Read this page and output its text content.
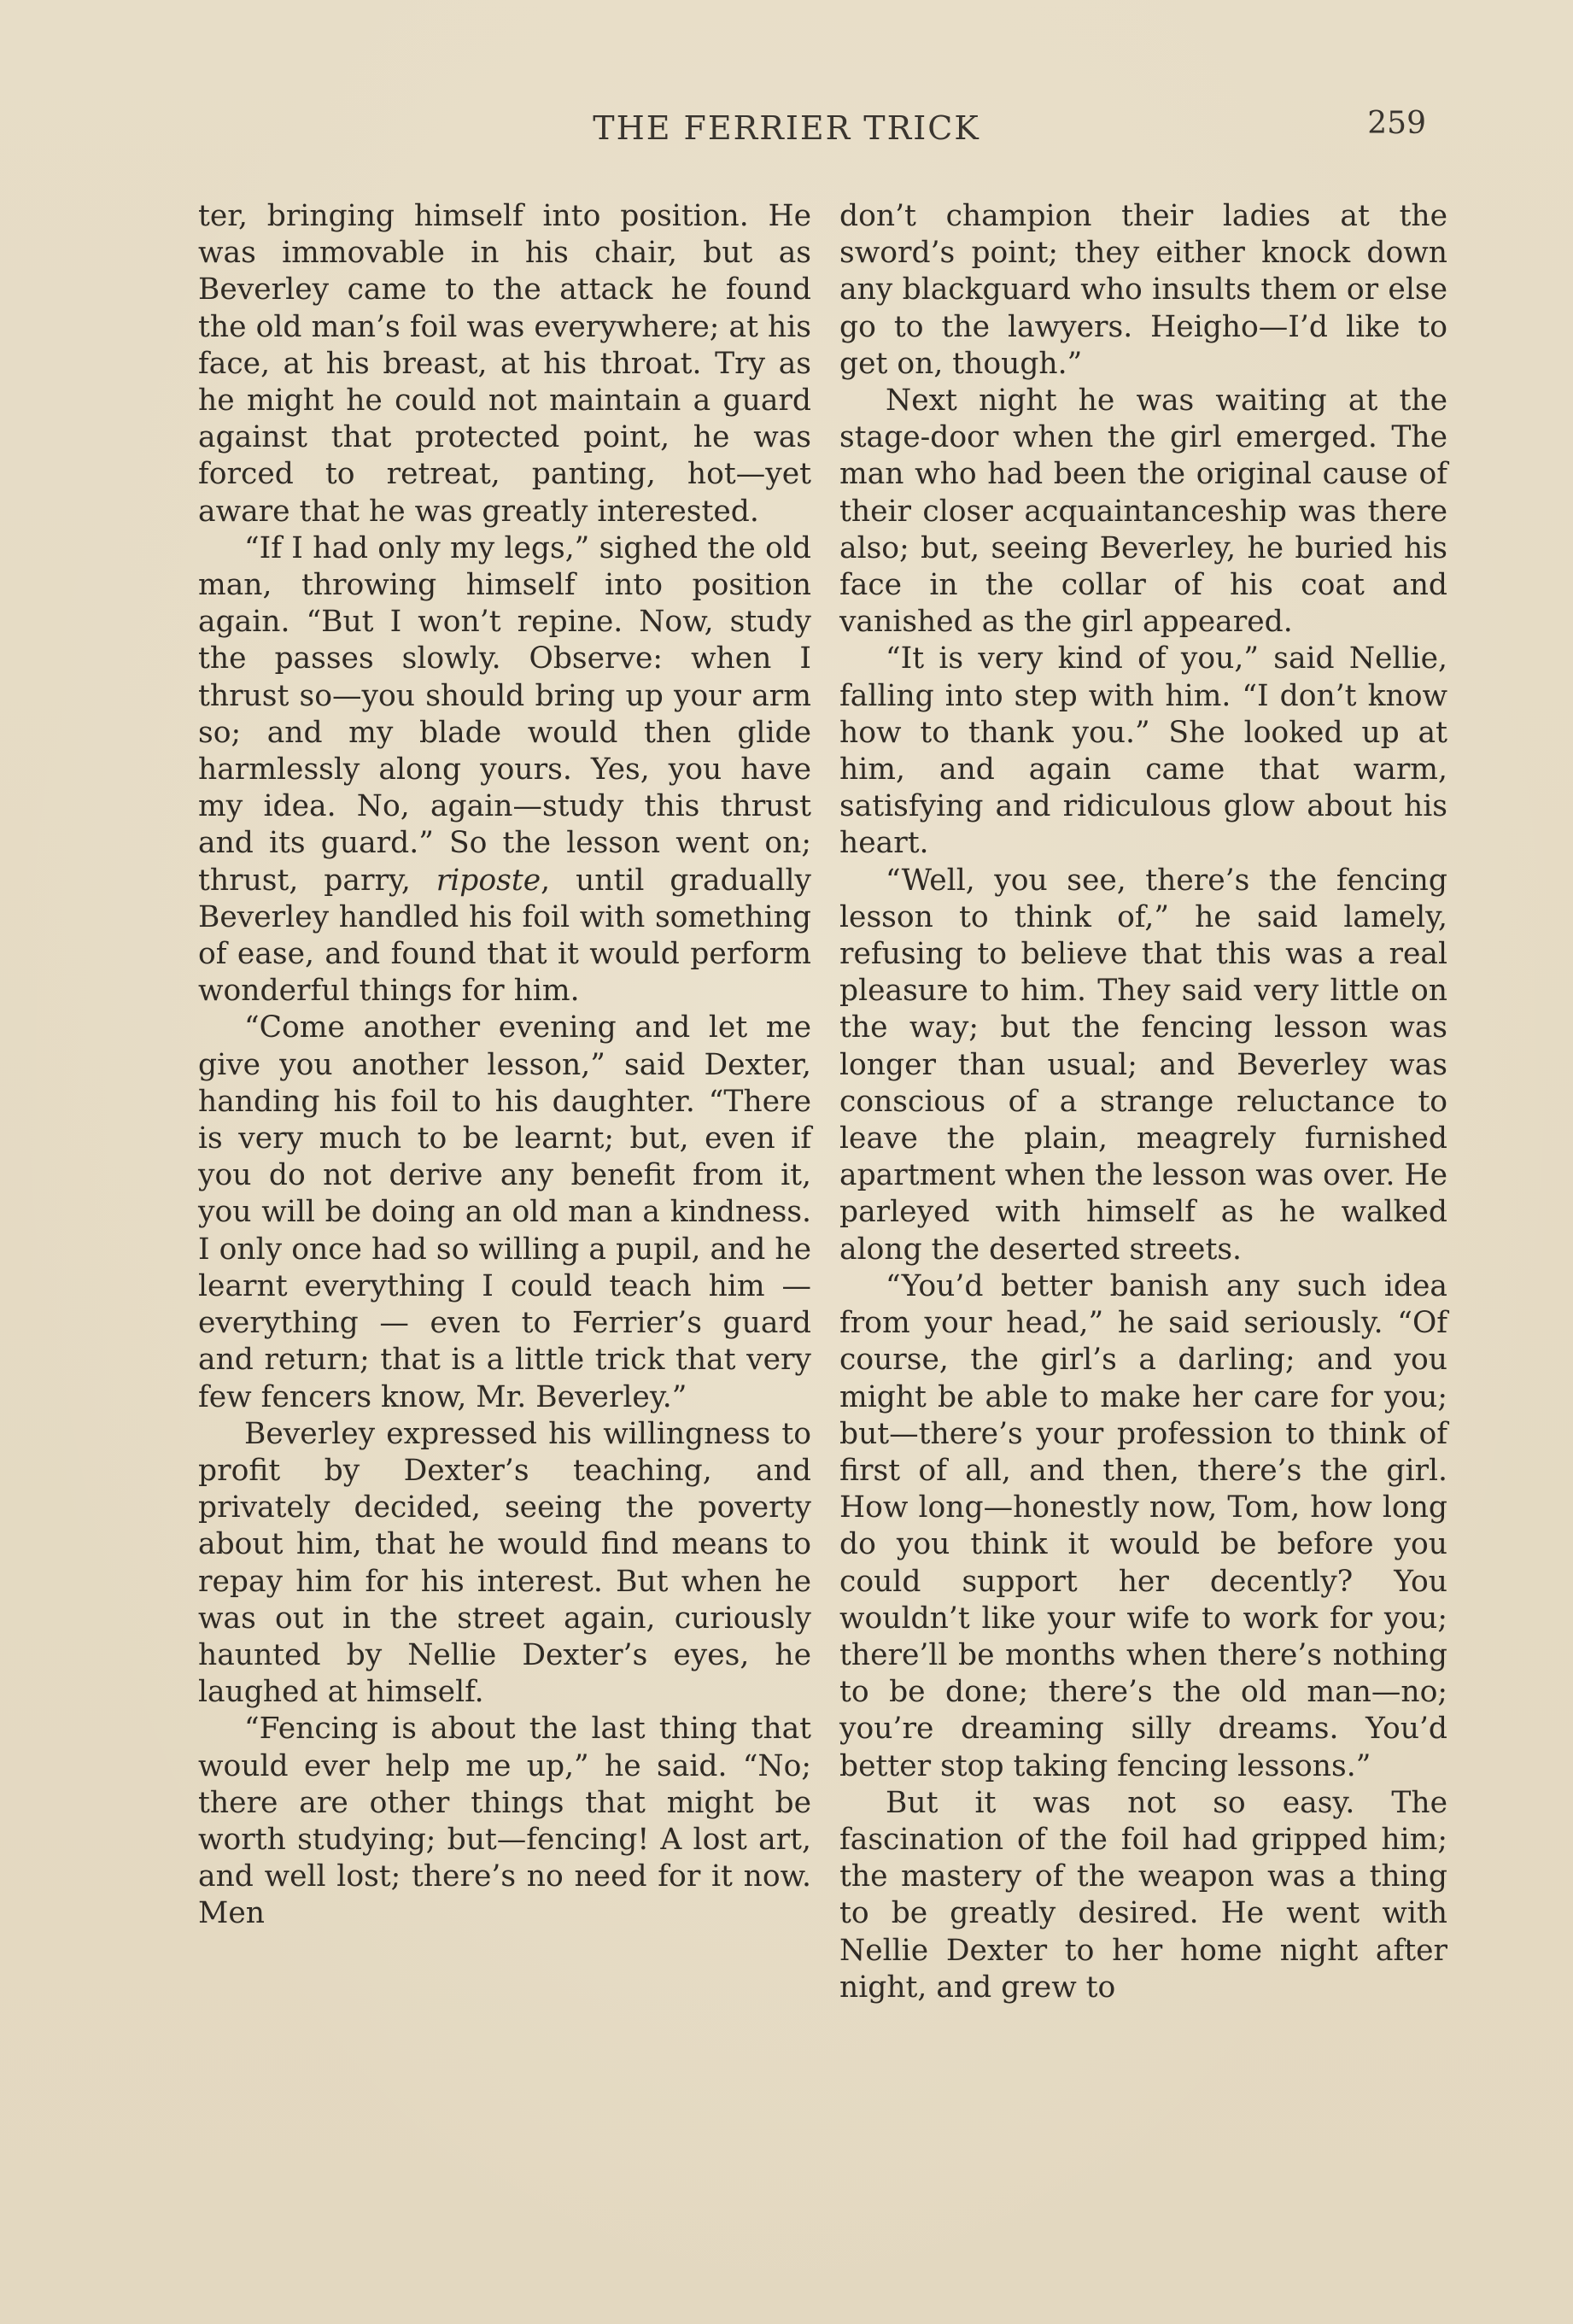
THE FERRIER TRICK	259

ter, bringing himself into position. He was immovable in his chair, but as Beverley came to the attack he found the old man’s foil was everywhere; at his face, at his breast, at his throat. Try as he might he could not maintain a guard against that protected point, he was forced to retreat, panting, hot—yet aware that he was greatly interested.

“If I had only my legs,” sighed the old man, throwing himself into position again. “But I won’t repine. Now, study the passes slowly. Observe: when I thrust so—you should bring up your arm so; and my blade would then glide harmlessly along yours. Yes, you have my idea. No, again—study this thrust and its guard.” So the lesson went on; thrust, parry, riposte, until gradually Beverley handled his foil with something of ease, and found that it would perform wonderful things for him.

“Come another evening and let me give you another lesson,” said Dexter, handing his foil to his daughter. “There is very much to be learnt; but, even if you do not derive any benefit from it, you will be doing an old man a kindness. I only once had so willing a pupil, and he learnt everything I could teach him —everything — even to Ferrier’s guard and return; that is a little trick that very few fencers know, Mr. Beverley.”

Beverley expressed his willingness to profit by Dexter’s teaching, and privately decided, seeing the poverty about him, that he would find means to repay him for his interest. But when he was out in the street again, curiously haunted by Nellie Dexter’s eyes, he laughed at himself.

“Fencing is about the last thing that would ever help me up,” he said. “No; there are other things that might be worth studying; but—fencing! A lost art, and well lost; there’s no need for it now. Men

don’t champion their ladies at the sword’s point; they either knock down any blackguard who insults them or else go to the lawyers. Heigho—I’d like to get on, though.”

Next night he was waiting at the stage-door when the girl emerged. The man who had been the original cause of their closer acquaintanceship was there also; but, seeing Beverley, he buried his face in the collar of his coat and vanished as the girl appeared.

“It is very kind of you,” said Nellie, falling into step with him. “I don’t know how to thank you.” She looked up at him, and again came that warm, satisfying and ridiculous glow about his heart.

“Well, you see, there’s the fencing lesson to think of,” he said lamely, refusing to believe that this was a real pleasure to him. They said very little on the way; but the fencing lesson was longer than usual; and Beverley was conscious of a strange reluctance to leave the plain, meagrely furnished apartment when the lesson was over. He parleyed with himself as he walked along the deserted streets.

“You’d better banish any such idea from your head,” he said seriously. “Of course, the girl’s a darling; and you might be able to make her care for you; but—there’s your profession to think of first of all, and then, there’s the girl. How long—honestly now, Tom, how long do you think it would be before you could support her decently? You wouldn’t like your wife to work for you; there’ll be months when there’s nothing to be done; there’s the old man—no; you’re dreaming silly dreams. You’d better stop taking fencing lessons.”

But it was not so easy. The fascination of the foil had gripped him; the mastery of the weapon was a thing to be greatly desired. He went with Nellie Dexter to her home night after night, and grew to
